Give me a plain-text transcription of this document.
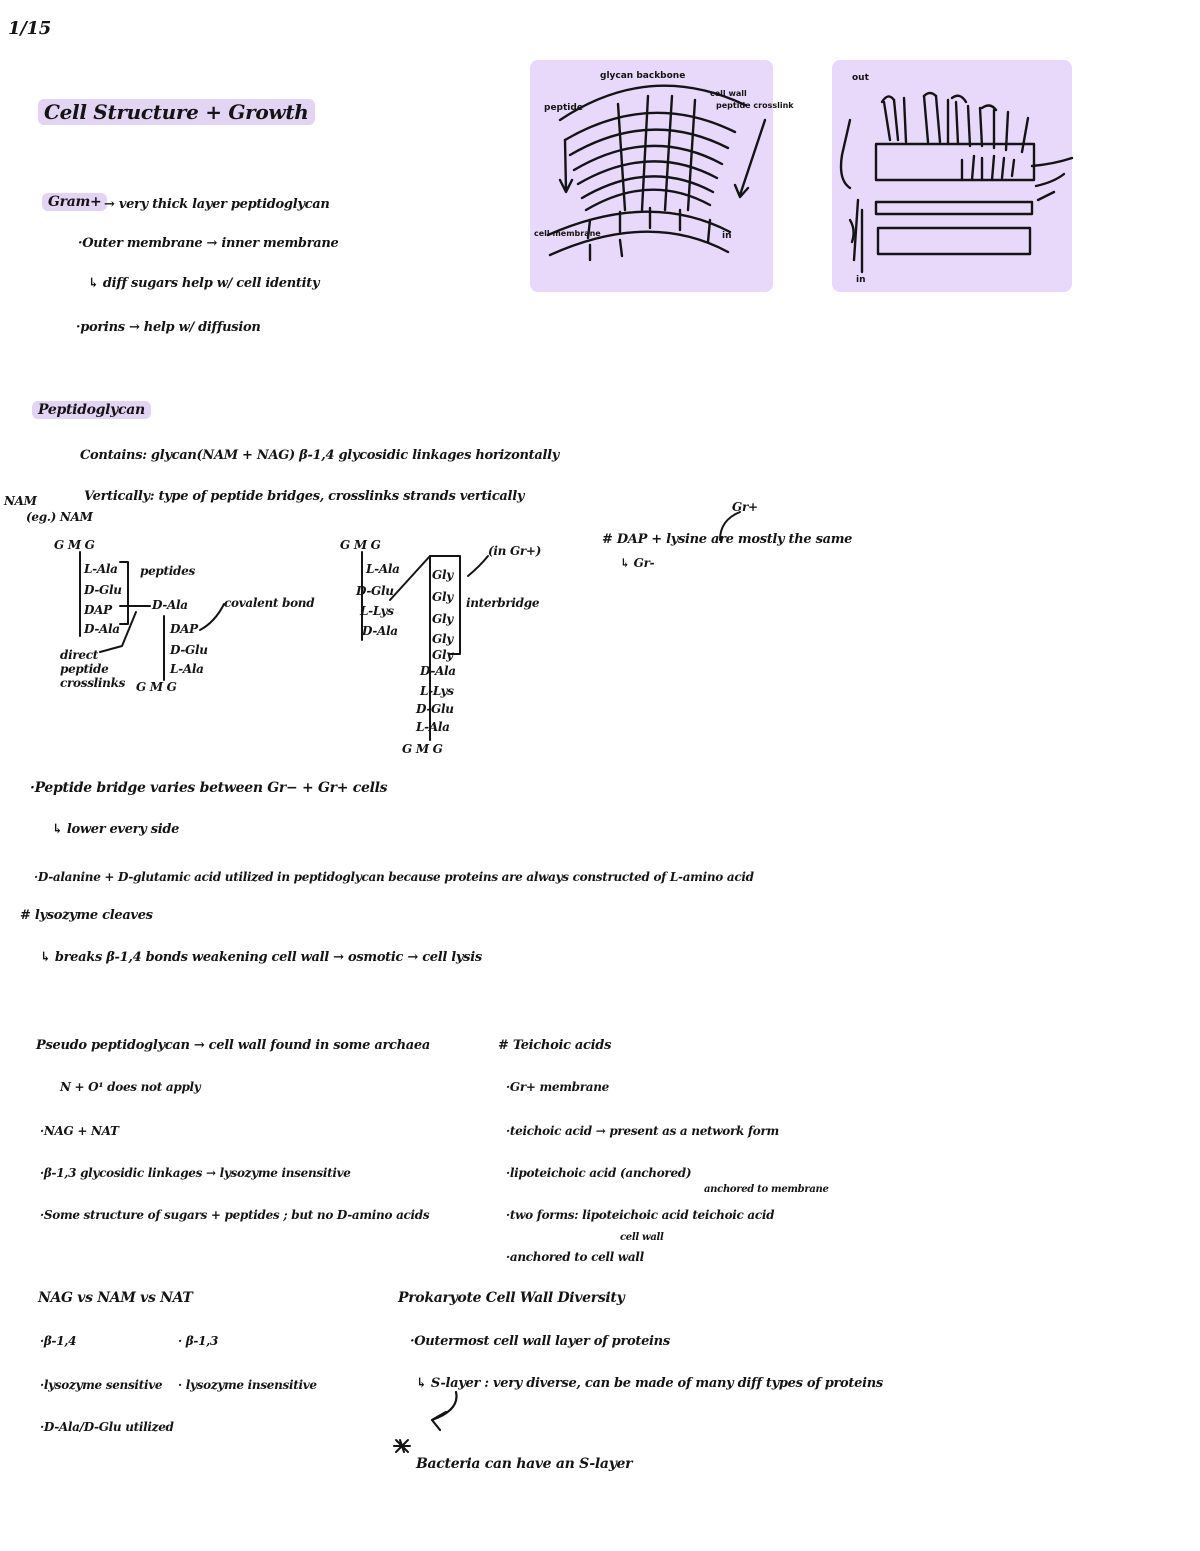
1/15
Cell Structure + Growth
glycan backbone
peptide
cell wall
peptide crosslink
cell membrane	in
out
in
Gram+ → very thick layer peptidoglycan
·Outer membrane → inner membrane
↳ diff sugars help w/ cell identity
·porins → help w/ diffusion
Peptidoglycan
Contains: glycan(NAM + NAG) β-1,4 glycosidic linkages horizontally
Vertically: type of peptide bridges, crosslinks strands vertically
NAM
(eg.) NAM
G M G
L-Ala
D-Glu
DAP
D-Ala
peptides
D-Ala
DAP
D-Glu
L-Ala
G M G
covalent bond
direct peptide crosslinks
G M G
L-Ala
D-Glu
L-Lys
D-Ala
Gly
Gly
Gly
Gly
Gly
D-Ala
L-Lys
D-Glu
L-Ala
G M G
interbridge
(in Gr+)
# DAP + lysine are mostly the same
↳ Gr-
Gr+
·Peptide bridge varies between Gr− + Gr+ cells
↳ lower every side
·D-alanine + D-glutamic acid utilized in peptidoglycan because proteins are always constructed of L-amino acid
# lysozyme cleaves
↳ breaks β-1,4 bonds weakening cell wall → osmotic → cell lysis
Pseudo peptidoglycan → cell wall found in some archaea
N + O¹ does not apply
·NAG + NAT
·β-1,3 glycosidic linkages → lysozyme insensitive
·Some structure of sugars + peptides ; but no D-amino acids
# Teichoic acids
·Gr+ membrane
·teichoic acid → present as a network form
·lipoteichoic acid (anchored)
·two forms: lipoteichoic acid teichoic acid
anchored to membrane
cell wall
·anchored to cell wall
NAG vs NAM vs NAT
·β-1,4	· β-1,3
·lysozyme sensitive · lysozyme insensitive
·D-Ala/D-Glu utilized
Prokaryote Cell Wall Diversity
·Outermost cell wall layer of proteins
↳ S-layer : very diverse, can be made of many diff types of proteins
Bacteria can have an S-layer
